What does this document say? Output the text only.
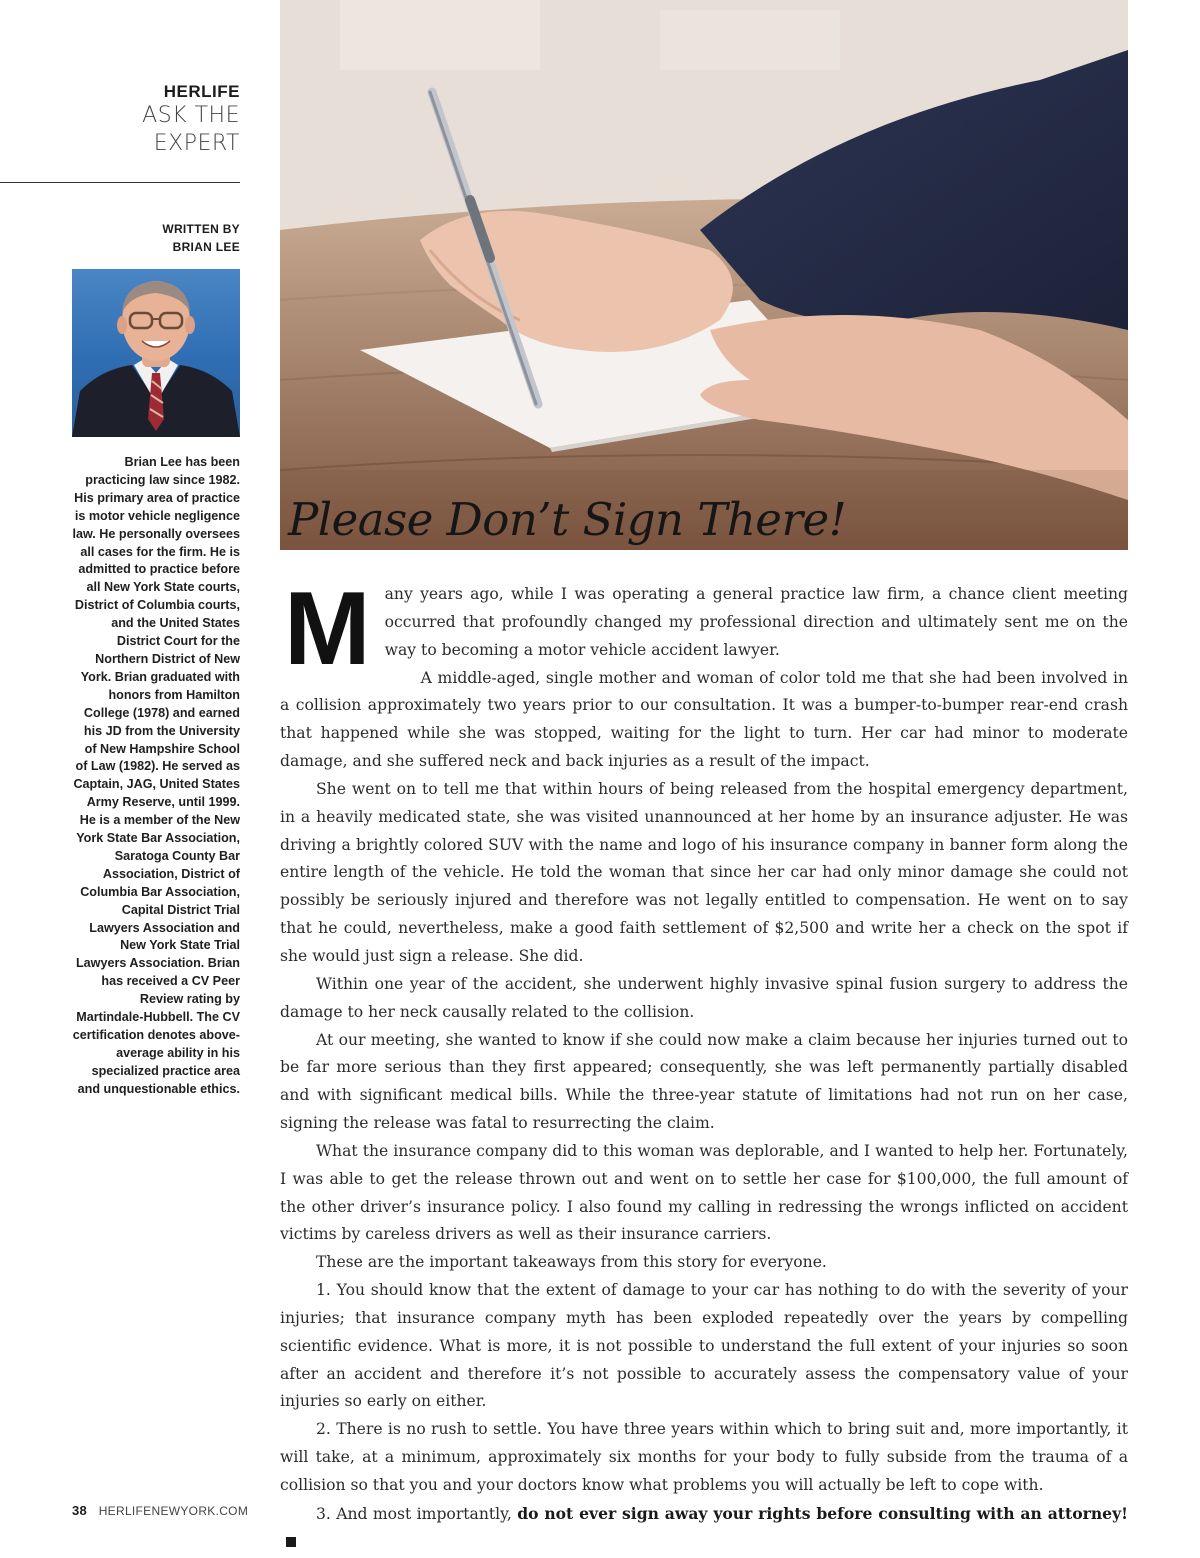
HERLIFE
ASK THE
EXPERT
WRITTEN BY
BRIAN LEE
Brian Lee has been practicing law since 1982. His primary area of practice is motor vehicle negligence law. He personally oversees all cases for the firm. He is admitted to practice before all New York State courts, District of Columbia courts, and the United States District Court for the Northern District of New York. Brian graduated with honors from Hamilton College (1978) and earned his JD from the University of New Hampshire School of Law (1982). He served as Captain, JAG, United States Army Reserve, until 1999. He is a member of the New York State Bar Association, Saratoga County Bar Association, District of Columbia Bar Association, Capital District Trial Lawyers Association and New York State Trial Lawyers Association. Brian has received a CV Peer Review rating by Martindale-Hubbell. The CV certification denotes above-average ability in his specialized practice area and unquestionable ethics.
38 HERLIFENEWYORK.COM
Please Don’t Sign There!

M any years ago, while I was operating a general practice law firm, a chance client meeting occurred that profoundly changed my professional direction and ultimately sent me on the way to becoming a motor vehicle accident lawyer.

A middle-aged, single mother and woman of color told me that she had been involved in a collision approximately two years prior to our consultation. It was a bumper-to-bumper rear-end crash that happened while she was stopped, waiting for the light to turn. Her car had minor to moderate damage, and she suffered neck and back injuries as a result of the impact.

She went on to tell me that within hours of being released from the hospital emergency department, in a heavily medicated state, she was visited unannounced at her home by an insurance adjuster. He was driving a brightly colored SUV with the name and logo of his insurance company in banner form along the entire length of the vehicle. He told the woman that since her car had only minor damage she could not possibly be seriously injured and therefore was not legally entitled to compensation. He went on to say that he could, nevertheless, make a good faith settlement of $2,500 and write her a check on the spot if she would just sign a release. She did.

Within one year of the accident, she underwent highly invasive spinal fusion surgery to address the damage to her neck causally related to the collision.

At our meeting, she wanted to know if she could now make a claim because her injuries turned out to be far more serious than they first appeared; consequently, she was left permanently partially disabled and with significant medical bills. While the three-year statute of limitations had not run on her case, signing the release was fatal to resurrecting the claim.

What the insurance company did to this woman was deplorable, and I wanted to help her. Fortunately, I was able to get the release thrown out and went on to settle her case for $100,000, the full amount of the other driver’s insurance policy. I also found my calling in redressing the wrongs inflicted on accident victims by careless drivers as well as their insurance carriers.

These are the important takeaways from this story for everyone.

1. You should know that the extent of damage to your car has nothing to do with the severity of your injuries; that insurance company myth has been exploded repeatedly over the years by compelling scientific evidence. What is more, it is not possible to understand the full extent of your injuries so soon after an accident and therefore it’s not possible to accurately assess the compensatory value of your injuries so early on either.

2. There is no rush to settle. You have three years within which to bring suit and, more importantly, it will take, at a minimum, approximately six months for your body to fully subside from the trauma of a collision so that you and your doctors know what problems you will actually be left to cope with.

3. And most importantly, do not ever sign away your rights before consulting with an attorney!
